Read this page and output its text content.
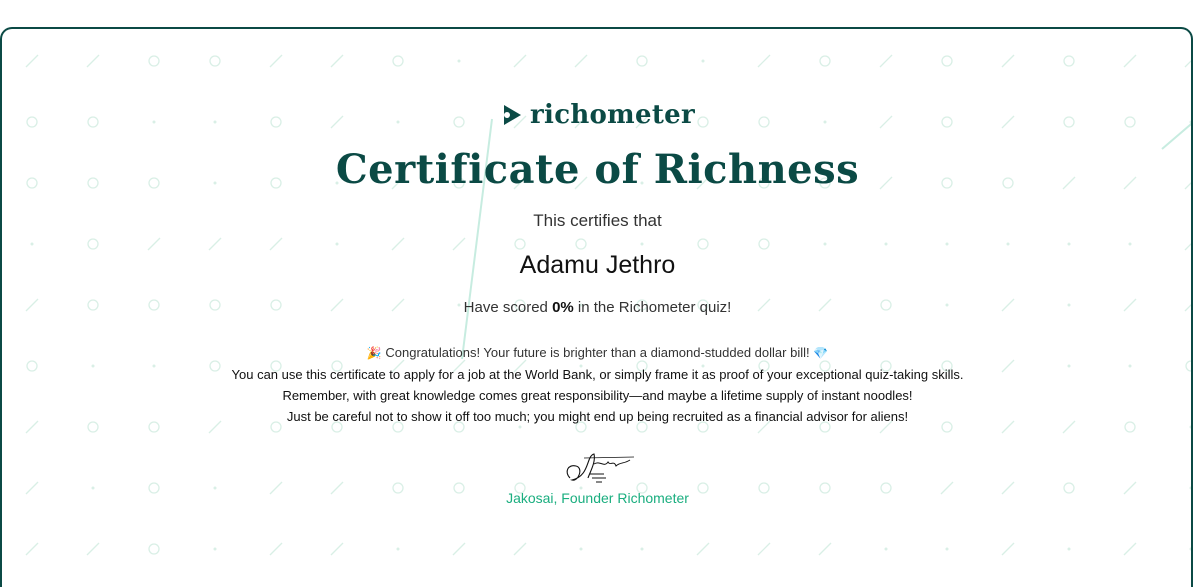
richometer
Certificate of Richness
This certifies that
Adamu Jethro
Have scored 0% in the Richometer quiz!
🎉 Congratulations! Your future is brighter than a diamond-studded dollar bill! 💎
You can use this certificate to apply for a job at the World Bank, or simply frame it as proof of your exceptional quiz-taking skills.
Remember, with great knowledge comes great responsibility—and maybe a lifetime supply of instant noodles!
Just be careful not to show it off too much; you might end up being recruited as a financial advisor for aliens!
Jakosai, Founder Richometer
